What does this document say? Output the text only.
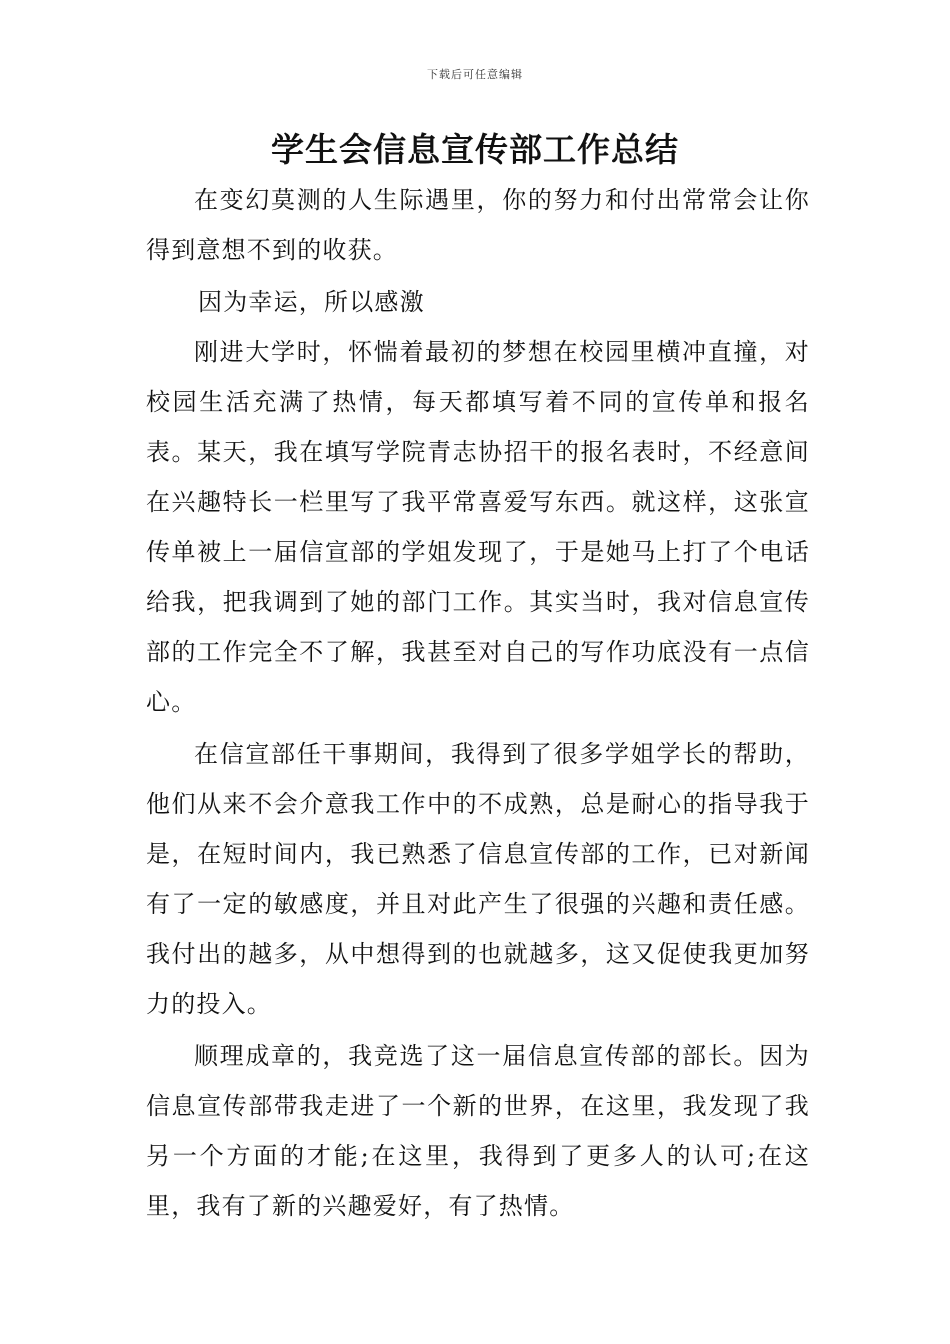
下载后可任意编辑
学生会信息宣传部工作总结

在变幻莫测的人生际遇里，你的努力和付出常常会让你得到意想不到的收获。

因为幸运，所以感激

刚进大学时，怀惴着最初的梦想在校园里横冲直撞，对校园生活充满了热情，每天都填写着不同的宣传单和报名表。某天，我在填写学院青志协招干的报名表时，不经意间在兴趣特长一栏里写了我平常喜爱写东西。就这样，这张宣传单被上一届信宣部的学姐发现了，于是她马上打了个电话给我，把我调到了她的部门工作。其实当时，我对信息宣传部的工作完全不了解，我甚至对自己的写作功底没有一点信心。

在信宣部任干事期间，我得到了很多学姐学长的帮助，他们从来不会介意我工作中的不成熟，总是耐心的指导我于是，在短时间内，我已熟悉了信息宣传部的工作，已对新闻有了一定的敏感度，并且对此产生了很强的兴趣和责任感。我付出的越多，从中想得到的也就越多，这又促使我更加努力的投入。

顺理成章的，我竞选了这一届信息宣传部的部长。因为信息宣传部带我走进了一个新的世界，在这里，我发现了我另一个方面的才能;在这里，我得到了更多人的认可;在这里，我有了新的兴趣爱好，有了热情。
